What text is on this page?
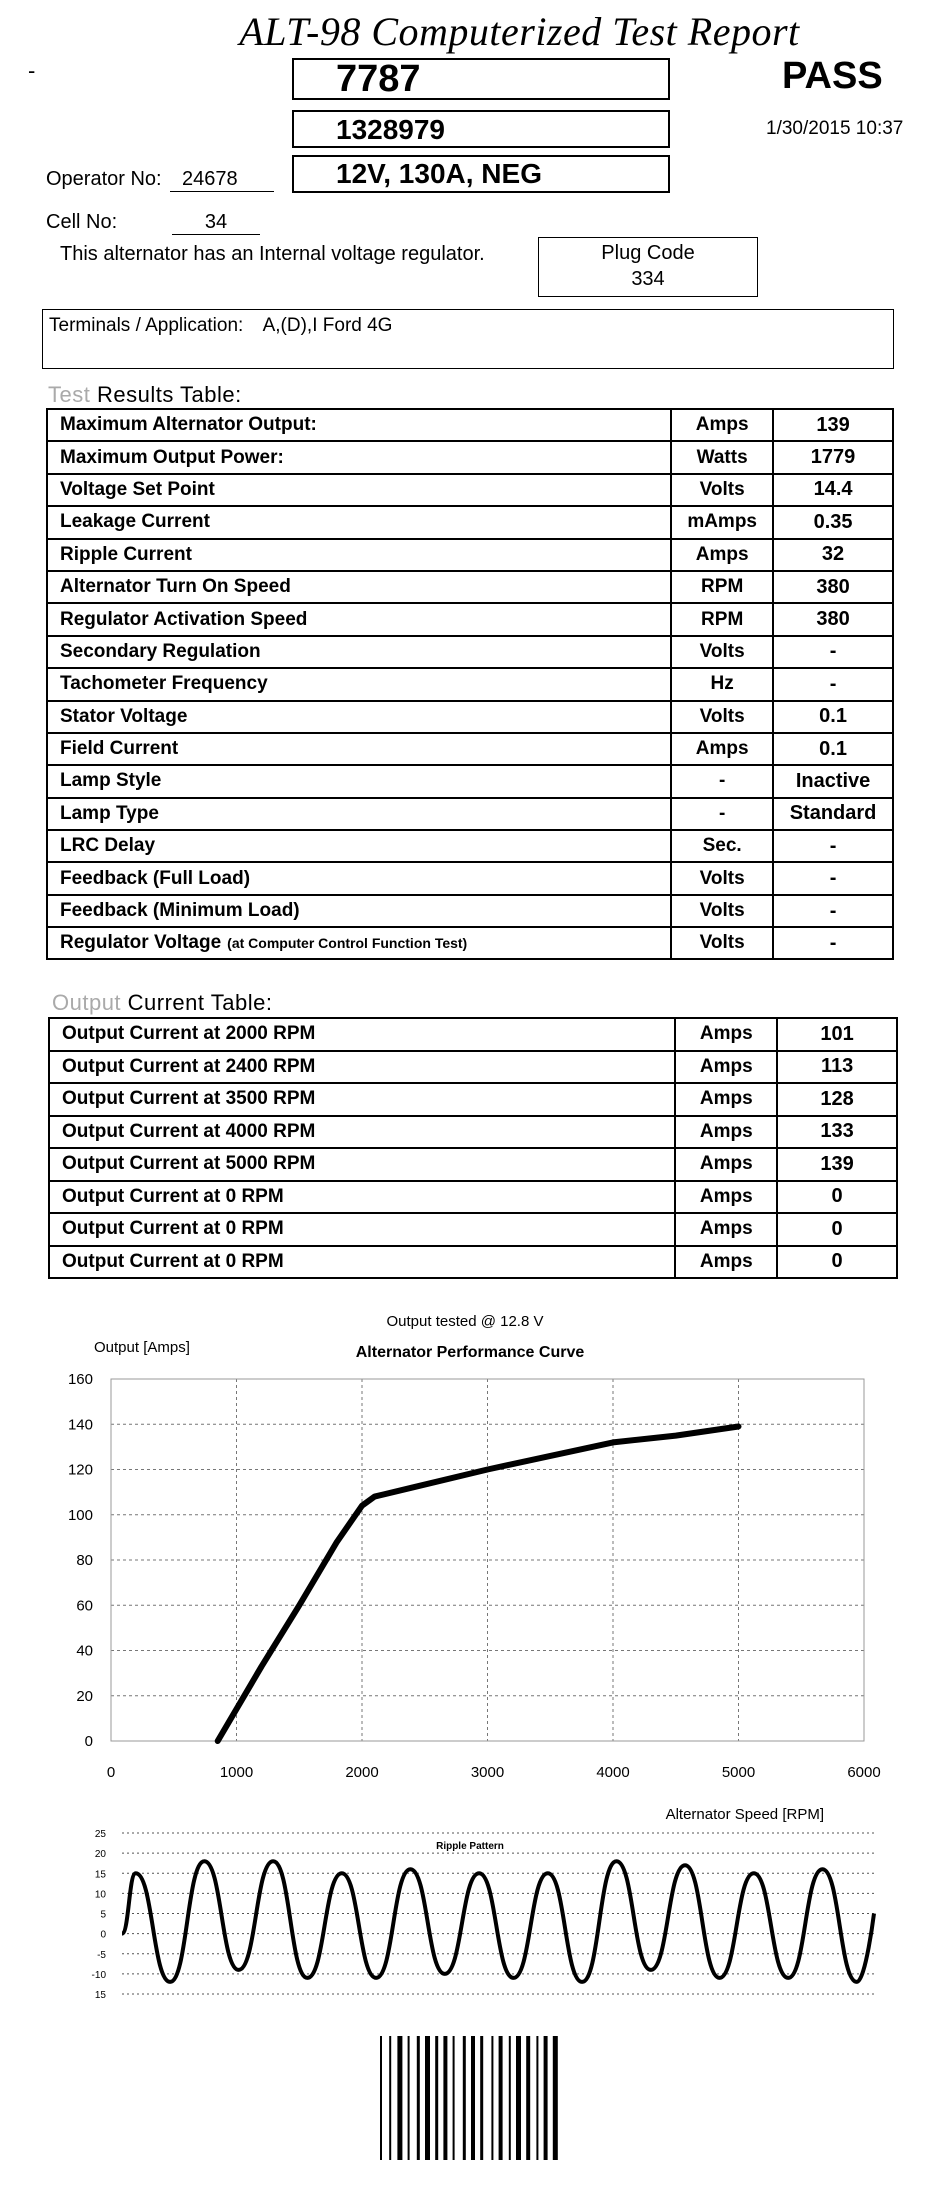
ALT-98 Computerized Test Report
-	7787
1328979
12V, 130A, NEG
PASS
1/30/2015 10:37
Operator No:	24678
Cell No:	34
This alternator has an Internal voltage regulator.	Plug Code
334
Terminals / Application: A,(D),I Ford 4G
Test Results Table:
Maximum Alternator Output:	Amps	139
Maximum Output Power:	Watts	1779
Voltage Set Point	Volts	14.4
Leakage Current	mAmps	0.35
Ripple Current	Amps	32
Alternator Turn On Speed	RPM	380
Regulator Activation Speed	RPM	380
Secondary Regulation	Volts	-
Tachometer Frequency	Hz	-
Stator Voltage	Volts	0.1
Field Current	Amps	0.1
Lamp Style	-	Inactive
Lamp Type	-	Standard
LRC Delay	Sec.	-
Feedback (Full Load)	Volts	-
Feedback (Minimum Load)	Volts	-
Regulator Voltage (at Computer Control Function Test)	Volts	-
Output Current Table:
Output Current at 2000 RPM	Amps	101
Output Current at 2400 RPM	Amps	113
Output Current at 3500 RPM	Amps	128
Output Current at 4000 RPM	Amps	133
Output Current at 5000 RPM	Amps	139
Output Current at 0 RPM	Amps	0
Output Current at 0 RPM	Amps	0
Output Current at 0 RPM	Amps	0
Output tested @ 12.8 V
Output [Amps]	Alternator Performance Curve
0
20
40
60
80
100
120
140
160
0	1000	2000	3000	4000	5000	6000
Alternator Speed [RPM]
25
20
15
10
5
0
-5
-10
15
Ripple Pattern
